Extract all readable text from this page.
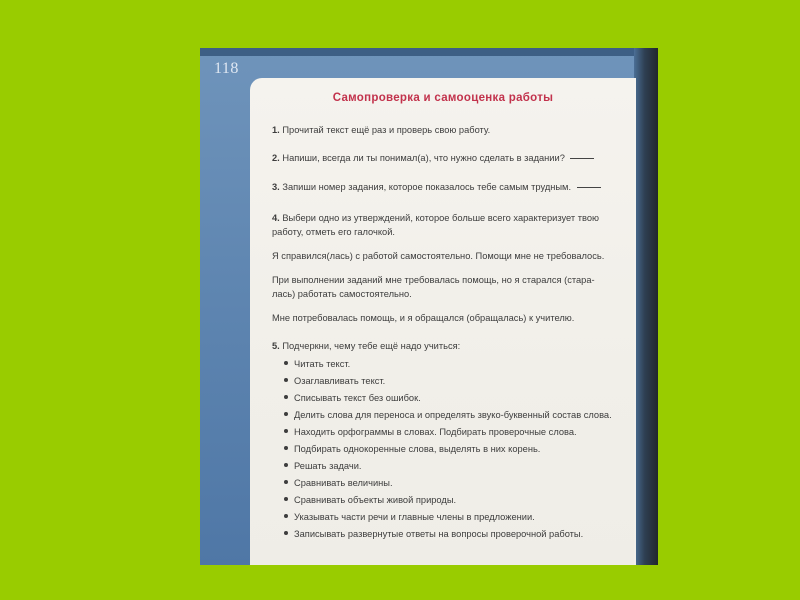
118
Самопроверка и самооценка работы
1. Прочитай текст ещё раз и проверь свою работу.
2. Напиши, всегда ли ты понимал(а), что нужно сделать в задании?
3. Запиши номер задания, которое показалось тебе самым трудным.
4. Выбери одно из утверждений, которое больше всего характеризует твою
работу, отметь его галочкой.
Я справился(лась) с работой самостоятельно. Помощи мне не требовалось.
При выполнении заданий мне требовалась помощь, но я старался (стара-
лась) работать самостоятельно.
Мне потребовалась помощь, и я обращался (обращалась) к учителю.
5. Подчеркни, чему тебе ещё надо учиться:
Читать текст.
Озаглавливать текст.
Списывать текст без ошибок.
Делить слова для переноса и определять звуко-буквенный состав слова.
Находить орфограммы в словах. Подбирать проверочные слова.
Подбирать однокоренные слова, выделять в них корень.
Решать задачи.
Сравнивать величины.
Сравнивать объекты живой природы.
Указывать части речи и главные члены в предложении.
Записывать развернутые ответы на вопросы проверочной работы.
